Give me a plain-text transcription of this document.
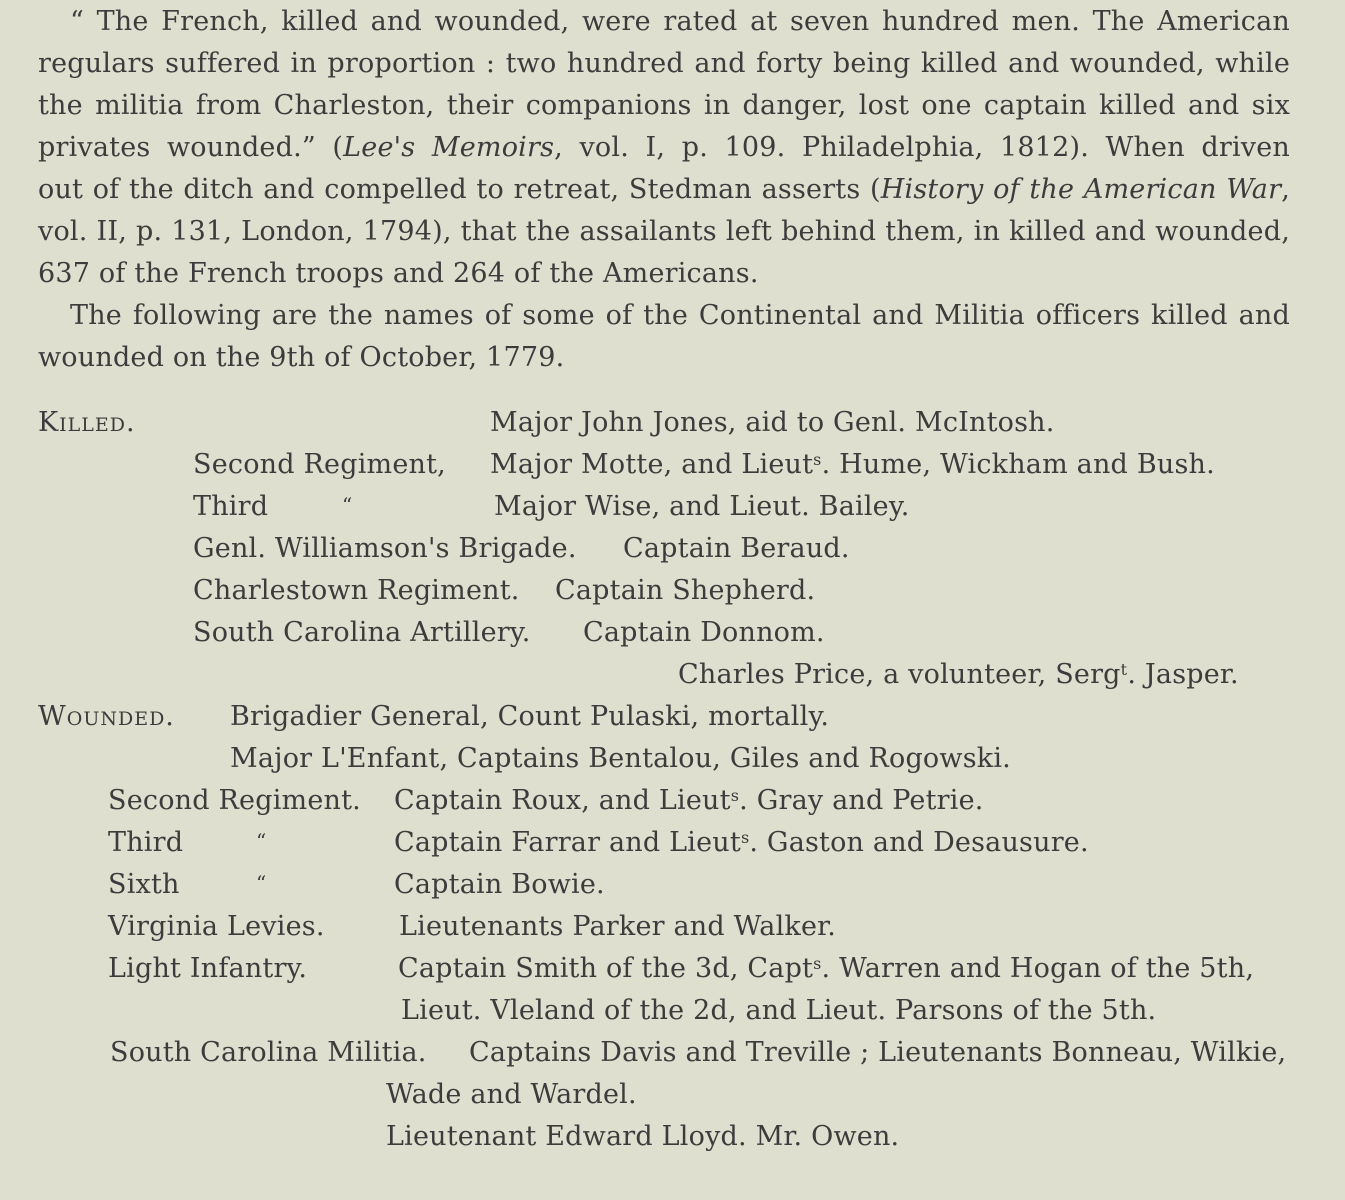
“ The French, killed and wounded, were rated at seven hundred men. The American
regulars suffered in proportion : two hundred and forty being killed and wounded, while
the militia from Charleston, their companions in danger, lost one captain killed and six
privates wounded.” (Lee's Memoirs, vol. I, p. 109. Philadelphia, 1812). When driven
out of the ditch and compelled to retreat, Stedman asserts (History of the American War,
vol. II, p. 131, London, 1794), that the assailants left behind them, in killed and wounded,
637 of the French troops and 264 of the Americans.
The following are the names of some of the Continental and Militia officers killed and
wounded on the 9th of October, 1779.
Killed.	Major John Jones, aid to Genl. McIntosh.
Second Regiment, Major Motte, and Lieut$^s$. Hume, Wickham and Bush.
Third	“	Major Wise, and Lieut. Bailey.
Genl. Williamson's Brigade. Captain Beraud.
Charlestown Regiment. Captain Shepherd.
South Carolina Artillery. Captain Donnom.
Charles Price, a volunteer, Serg$^t$. Jasper.
Wounded. Brigadier General, Count Pulaski, mortally.
Major L'Enfant, Captains Bentalou, Giles and Rogowski.
Second Regiment. Captain Roux, and Lieut$^s$. Gray and Petrie.
Third	“	Captain Farrar and Lieut$^s$. Gaston and Desausure.
Sixth	“	Captain Bowie.
Virginia Levies.	Lieutenants Parker and Walker.
Light Infantry.	Captain Smith of the 3d, Capt$^s$. Warren and Hogan of the 5th,
Lieut. Vleland of the 2d, and Lieut. Parsons of the 5th.
South Carolina Militia. Captains Davis and Treville ; Lieutenants Bonneau, Wilkie,
Wade and Wardel.
Lieutenant Edward Lloyd. Mr. Owen.
